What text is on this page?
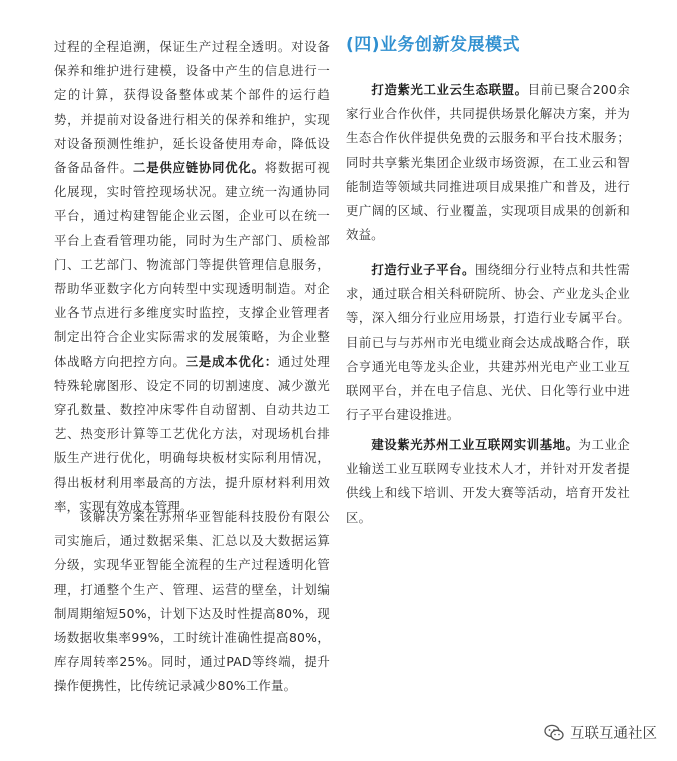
过程的全程追溯，保证生产过程全透明。对设备保养和维护进行建模，设备中产生的信息进行一定的计算，获得设备整体或某个部件的运行趋势，并提前对设备进行相关的保养和维护，实现对设备预测性维护，延长设备使用寿命，降低设备备品备件。二是供应链协同优化。将数据可视化展现，实时管控现场状况。建立统一沟通协同平台，通过构建智能企业云图，企业可以在统一平台上查看管理功能，同时为生产部门、质检部门、工艺部门、物流部门等提供管理信息服务，帮助华亚数字化方向转型中实现透明制造。对企业各节点进行多维度实时监控，支撑企业管理者制定出符合企业实际需求的发展策略，为企业整体战略方向把控方向。三是成本优化：通过处理特殊轮廓图形、设定不同的切割速度、减少激光穿孔数量、数控冲床零件自动留割、自动共边工艺、热变形计算等工艺优化方法，对现场机台排版生产进行优化，明确每块板材实际利用情况，得出板材利用率最高的方法，提升原材料利用效率，实现有效成本管理。
该解决方案在苏州华亚智能科技股份有限公司实施后，通过数据采集、汇总以及大数据运算分级，实现华亚智能全流程的生产过程透明化管理，打通整个生产、管理、运营的壁垒，计划编制周期缩短50%，计划下达及时性提高80%，现场数据收集率99%，工时统计准确性提高80%，库存周转率25%。同时，通过PAD等终端，提升操作便携性，比传统记录减少80%工作量。
(四)业务创新发展模式
打造紫光工业云生态联盟。目前已聚合200余家行业合作伙伴，共同提供场景化解决方案，并为生态合作伙伴提供免费的云服务和平台技术服务；同时共享紫光集团企业级市场资源，在工业云和智能制造等领域共同推进项目成果推广和普及，进行更广阔的区域、行业覆盖，实现项目成果的创新和效益。
打造行业子平台。围绕细分行业特点和共性需求，通过联合相关科研院所、协会、产业龙头企业等，深入细分行业应用场景，打造行业专属平台。目前已与与苏州市光电缆业商会达成战略合作，联合亨通光电等龙头企业，共建苏州光电产业工业互联网平台，并在电子信息、光伏、日化等行业中进行子平台建设推进。
建设紫光苏州工业互联网实训基地。为工业企业输送工业互联网专业技术人才，并针对开发者提供线上和线下培训、开发大赛等活动，培育开发社区。
互联互通社区
